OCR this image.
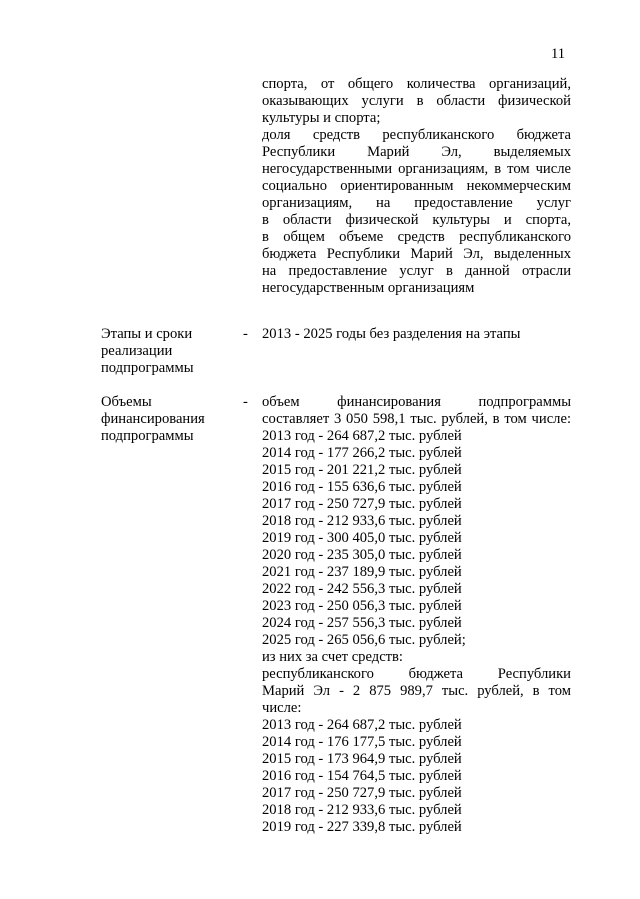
11
спорта, от общего количества организаций,
оказывающих услуги в области физической
культуры и спорта;
доля средств республиканского бюджета
Республики Марий Эл, выделяемых
негосударственными организациям, в том числе
социально ориентированным некоммерческим
организациям, на предоставление услуг
в области физической культуры и спорта,
в общем объеме средств республиканского
бюджета Республики Марий Эл, выделенных
на предоставление услуг в данной отрасли
негосударственным организациям
Этапы и сроки
реализации
подпрограммы
- 2013 - 2025 годы без разделения на этапы
Объемы
финансирования
подпрограммы
- объем финансирования подпрограммы
составляет 3 050 598,1 тыс. рублей, в том числе:
2013 год - 264 687,2 тыс. рублей
2014 год - 177 266,2 тыс. рублей
2015 год - 201 221,2 тыс. рублей
2016 год - 155 636,6 тыс. рублей
2017 год - 250 727,9 тыс. рублей
2018 год - 212 933,6 тыс. рублей
2019 год - 300 405,0 тыс. рублей
2020 год - 235 305,0 тыс. рублей
2021 год - 237 189,9 тыс. рублей
2022 год - 242 556,3 тыс. рублей
2023 год - 250 056,3 тыс. рублей
2024 год - 257 556,3 тыс. рублей
2025 год - 265 056,6 тыс. рублей;
из них за счет средств:
республиканского бюджета Республики
Марий Эл - 2 875 989,7 тыс. рублей, в том
числе:
2013 год - 264 687,2 тыс. рублей
2014 год - 176 177,5 тыс. рублей
2015 год - 173 964,9 тыс. рублей
2016 год - 154 764,5 тыс. рублей
2017 год - 250 727,9 тыс. рублей
2018 год - 212 933,6 тыс. рублей
2019 год - 227 339,8 тыс. рублей
